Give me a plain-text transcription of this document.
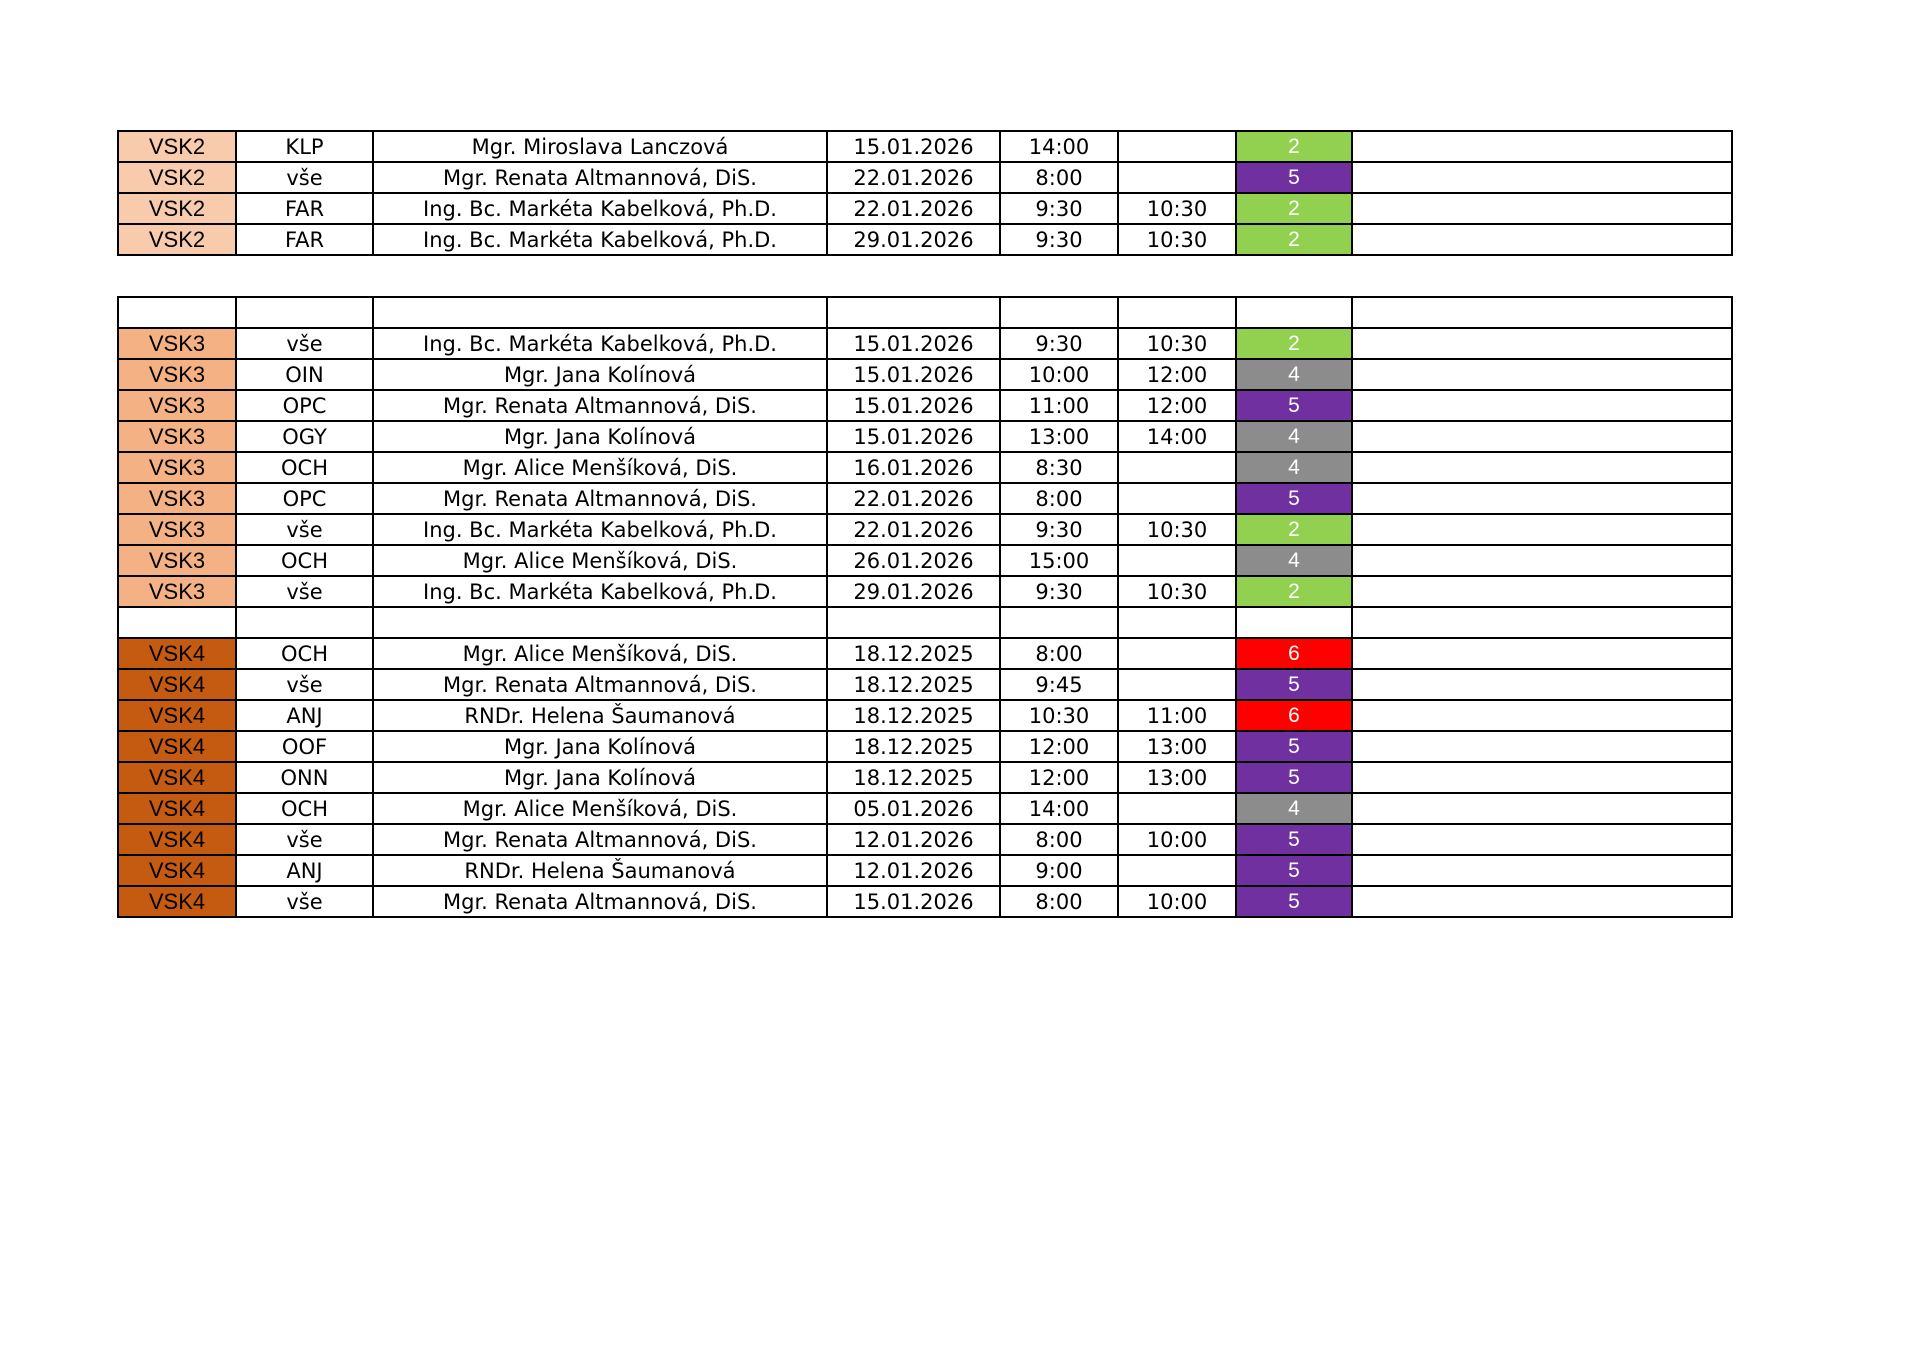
VSK2	KLP	Mgr. Miroslava Lanczová	15.01.2026	14:00		2	
VSK2	vše	Mgr. Renata Altmannová, DiS.	22.01.2026	8:00		5	
VSK2	FAR	Ing. Bc. Markéta Kabelková, Ph.D.	22.01.2026	9:30	10:30	2	
VSK2	FAR	Ing. Bc. Markéta Kabelková, Ph.D.	29.01.2026	9:30	10:30	2	

VSK3	vše	Ing. Bc. Markéta Kabelková, Ph.D.	15.01.2026	9:30	10:30	2	
VSK3	OIN	Mgr. Jana Kolínová	15.01.2026	10:00	12:00	4	
VSK3	OPC	Mgr. Renata Altmannová, DiS.	15.01.2026	11:00	12:00	5	
VSK3	OGY	Mgr. Jana Kolínová	15.01.2026	13:00	14:00	4	
VSK3	OCH	Mgr. Alice Menšíková, DiS.	16.01.2026	8:30		4	
VSK3	OPC	Mgr. Renata Altmannová, DiS.	22.01.2026	8:00		5	
VSK3	vše	Ing. Bc. Markéta Kabelková, Ph.D.	22.01.2026	9:30	10:30	2	
VSK3	OCH	Mgr. Alice Menšíková, DiS.	26.01.2026	15:00		4	
VSK3	vše	Ing. Bc. Markéta Kabelková, Ph.D.	29.01.2026	9:30	10:30	2	

VSK4	OCH	Mgr. Alice Menšíková, DiS.	18.12.2025	8:00		6	
VSK4	vše	Mgr. Renata Altmannová, DiS.	18.12.2025	9:45		5	
VSK4	ANJ	RNDr. Helena Šaumanová	18.12.2025	10:30	11:00	6	
VSK4	OOF	Mgr. Jana Kolínová	18.12.2025	12:00	13:00	5	
VSK4	ONN	Mgr. Jana Kolínová	18.12.2025	12:00	13:00	5	
VSK4	OCH	Mgr. Alice Menšíková, DiS.	05.01.2026	14:00		4	
VSK4	vše	Mgr. Renata Altmannová, DiS.	12.01.2026	8:00	10:00	5	
VSK4	ANJ	RNDr. Helena Šaumanová	12.01.2026	9:00		5	
VSK4	vše	Mgr. Renata Altmannová, DiS.	15.01.2026	8:00	10:00	5	
